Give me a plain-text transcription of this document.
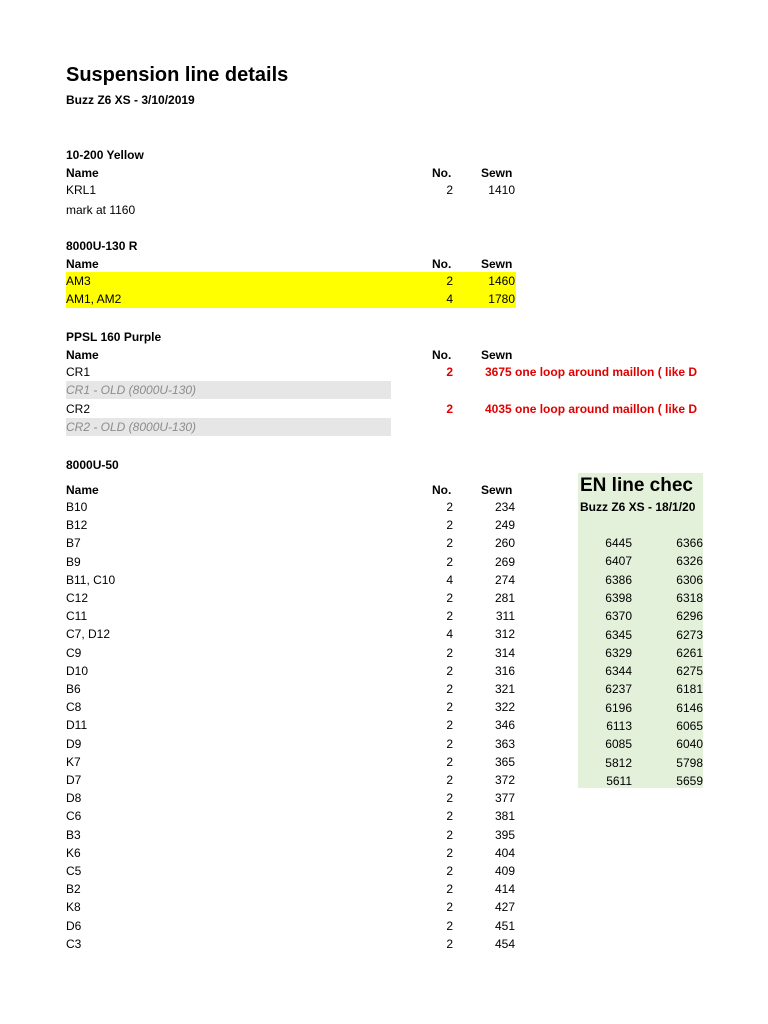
Suspension line details
Buzz Z6 XS - 3/10/2019
10-200 Yellow
Name	No. Sewn
KRL1	2	1410
mark at 1160
8000U-130 R
Name	No. Sewn
AM3	2	1460
AM1, AM2	4	1780
PPSL 160 Purple
Name	No. Sewn
CR1	2	3675 one loop around maillon ( like D
CR1 - OLD (8000U-130)
CR2	2	4035 one loop around maillon ( like D
CR2 - OLD (8000U-130)
8000U-50
Name	No. Sewn
B10	2	234
B12	2	249
B7	2	260
B9	2	269
B11, C10	4	274
C12	2	281
C11	2	311
C7, D12	4	312
C9	2	314
D10	2	316
B6	2	321
C8	2	322
D11	2	346
D9	2	363
K7	2	365
D7	2	372
D8	2	377
C6	2	381
B3	2	395
K6	2	404
C5	2	409
B2	2	414
K8	2	427
D6	2	451
C3	2	454
EN line chec
Buzz Z6 XS - 18/1/20
6445	6366
6407	6326
6386	6306
6398	6318
6370	6296
6345	6273
6329	6261
6344	6275
6237	6181
6196	6146
6113	6065
6085	6040
5812	5798
5611	5659
